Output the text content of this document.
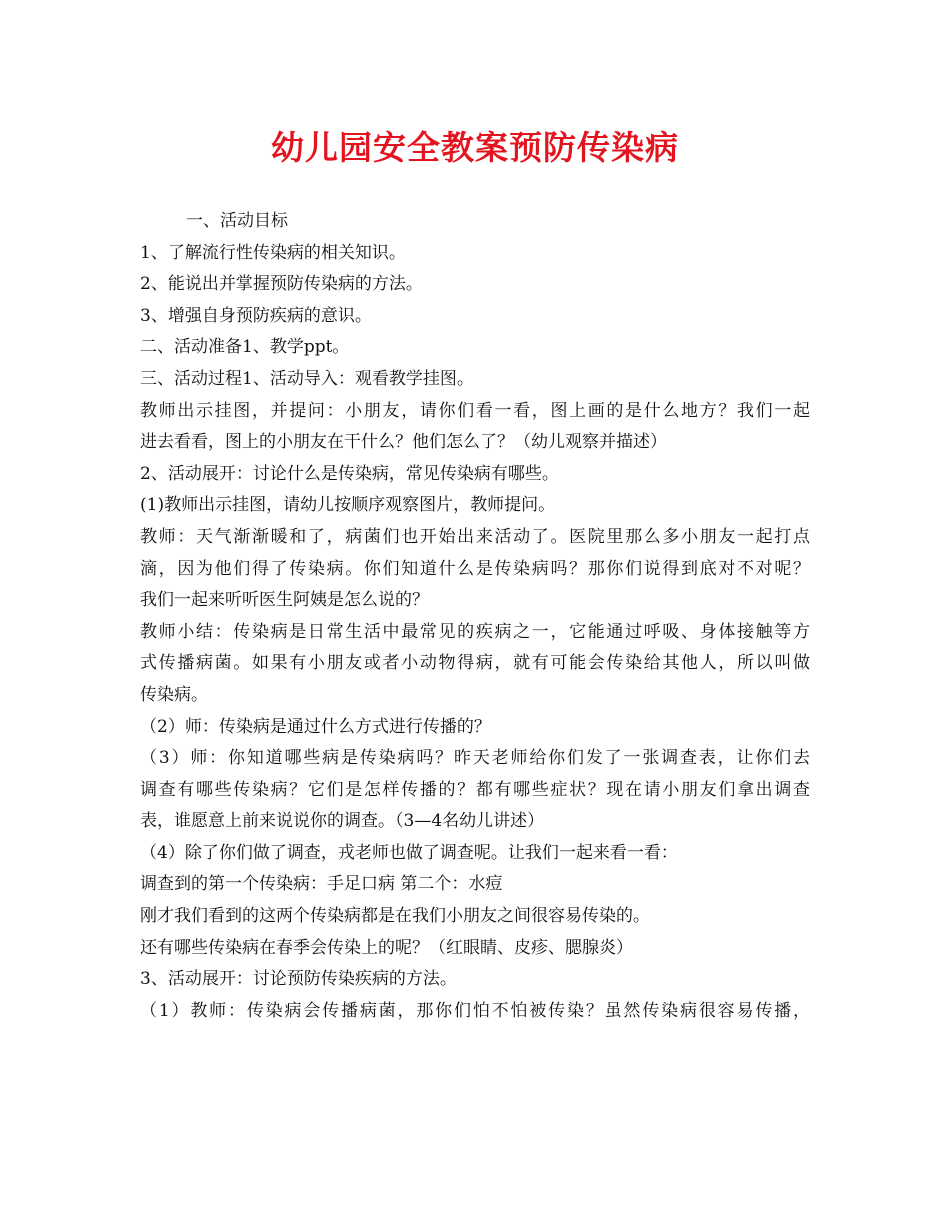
幼儿园安全教案预防传染病
一、活动目标
1、了解流行性传染病的相关知识。
2、能说出并掌握预防传染病的方法。
3、增强自身预防疾病的意识。
二、活动准备1、教学ppt。
三、活动过程1、活动导入：观看教学挂图。
教师出示挂图，并提问：小朋友，请你们看一看，图上画的是什么地方？我们一起
进去看看，图上的小朋友在干什么？他们怎么了？（幼儿观察并描述）
2、活动展开：讨论什么是传染病，常见传染病有哪些。
(1)教师出示挂图，请幼儿按顺序观察图片，教师提问。
教师：天气渐渐暖和了，病菌们也开始出来活动了。医院里那么多小朋友一起打点
滴，因为他们得了传染病。你们知道什么是传染病吗？那你们说得到底对不对呢？
我们一起来听听医生阿姨是怎么说的？
教师小结：传染病是日常生活中最常见的疾病之一，它能通过呼吸、身体接触等方
式传播病菌。如果有小朋友或者小动物得病，就有可能会传染给其他人，所以叫做
传染病。
（2）师：传染病是通过什么方式进行传播的？
（3）师：你知道哪些病是传染病吗？昨天老师给你们发了一张调查表，让你们去
调查有哪些传染病？它们是怎样传播的？都有哪些症状？现在请小朋友们拿出调查
表，谁愿意上前来说说你的调查。（3—4名幼儿讲述）
（4）除了你们做了调查，戎老师也做了调查呢。让我们一起来看一看：
调查到的第一个传染病：手足口病 第二个：水痘
刚才我们看到的这两个传染病都是在我们小朋友之间很容易传染的。
还有哪些传染病在春季会传染上的呢？（红眼睛、皮疹、腮腺炎）
3、活动展开：讨论预防传染疾病的方法。
（1）教师：传染病会传播病菌，那你们怕不怕被传染？虽然传染病很容易传播，
